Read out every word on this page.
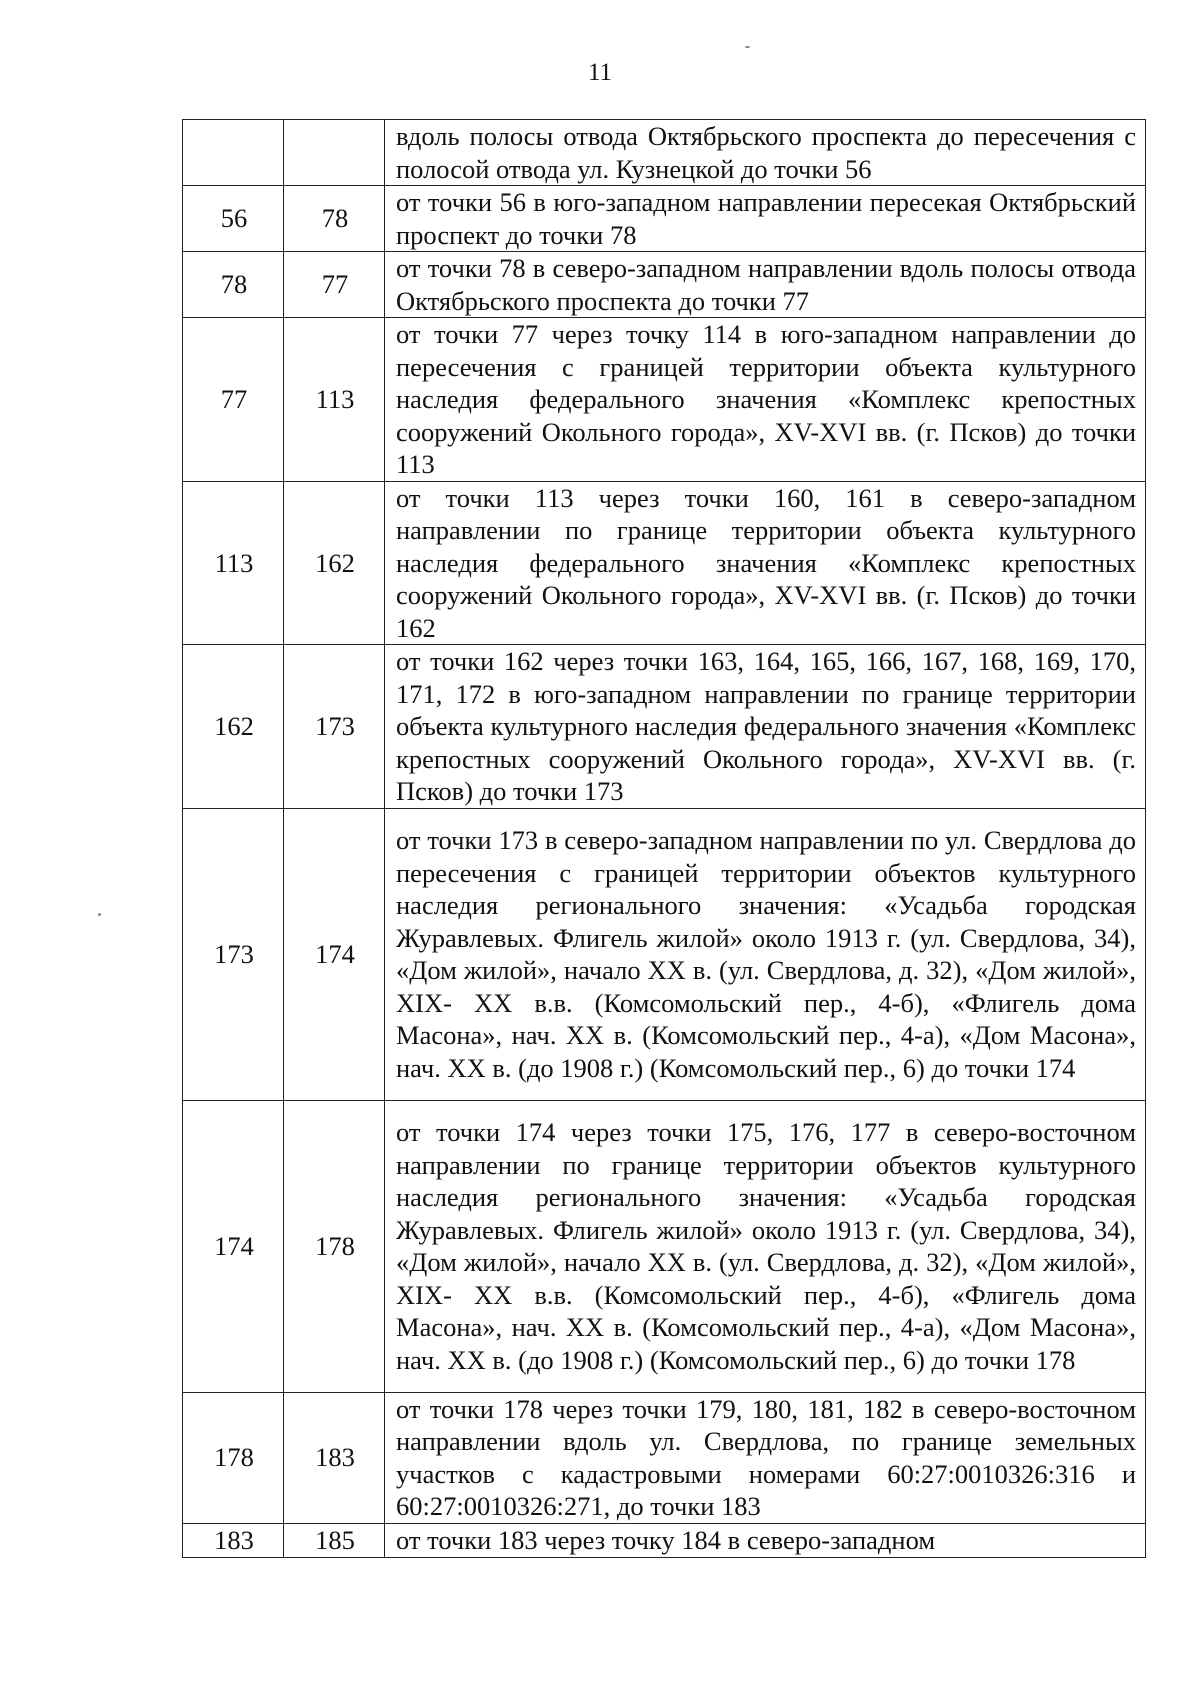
11
		вдоль полосы отвода Октябрьского проспекта до пересечения с полосой отвода ул. Кузнецкой до точки 56
56	78	от точки 56 в юго-западном направлении пересекая Октябрьский проспект до точки 78
78	77	от точки 78 в северо-западном направлении вдоль полосы отвода Октябрьского проспекта до точки 77
77	113	от точки 77 через точку 114 в юго-западном направлении до пересечения с границей территории объекта культурного наследия федерального значения «Комплекс крепостных сооружений Окольного города», XV-XVI вв. (г. Псков) до точки 113
113	162	от точки 113 через точки 160, 161 в северо-западном направлении по границе территории объекта культурного наследия федерального значения «Комплекс крепостных сооружений Окольного города», XV-XVI вв. (г. Псков) до точки 162
162	173	от точки 162 через точки 163, 164, 165, 166, 167, 168, 169, 170, 171, 172 в юго-западном направлении по границе территории объекта культурного наследия федерального значения «Комплекс крепостных сооружений Окольного города», XV-XVI вв. (г. Псков) до точки 173
173	174	от точки 173 в северо-западном направлении по ул. Свердлова до пересечения с границей территории объектов культурного наследия регионального значения: «Усадьба городская Журавлевых. Флигель жилой» около 1913 г. (ул. Свердлова, 34), «Дом жилой», начало XX в. (ул. Свердлова, д. 32), «Дом жилой», XIX- XX в.в. (Комсомольский пер., 4-б), «Флигель дома Масона», нач. XX в. (Комсомольский пер., 4-а), «Дом Масона», нач. XX в. (до 1908 г.) (Комсомольский пер., 6) до точки 174
174	178	от точки 174 через точки 175, 176, 177 в северо-восточном направлении по границе территории объектов культурного наследия регионального значения: «Усадьба городская Журавлевых. Флигель жилой» около 1913 г. (ул. Свердлова, 34), «Дом жилой», начало XX в. (ул. Свердлова, д. 32), «Дом жилой», XIX- XX в.в. (Комсомольский пер., 4-б), «Флигель дома Масона», нач. XX в. (Комсомольский пер., 4-а), «Дом Масона», нач. XX в. (до 1908 г.) (Комсомольский пер., 6) до точки 178
178	183	от точки 178 через точки 179, 180, 181, 182 в северо-восточном направлении вдоль ул. Свердлова, по границе земельных участков с кадастровыми номерами 60:27:0010326:316 и 60:27:0010326:271, до точки 183
183	185	от точки 183 через точку 184 в северо-западном
